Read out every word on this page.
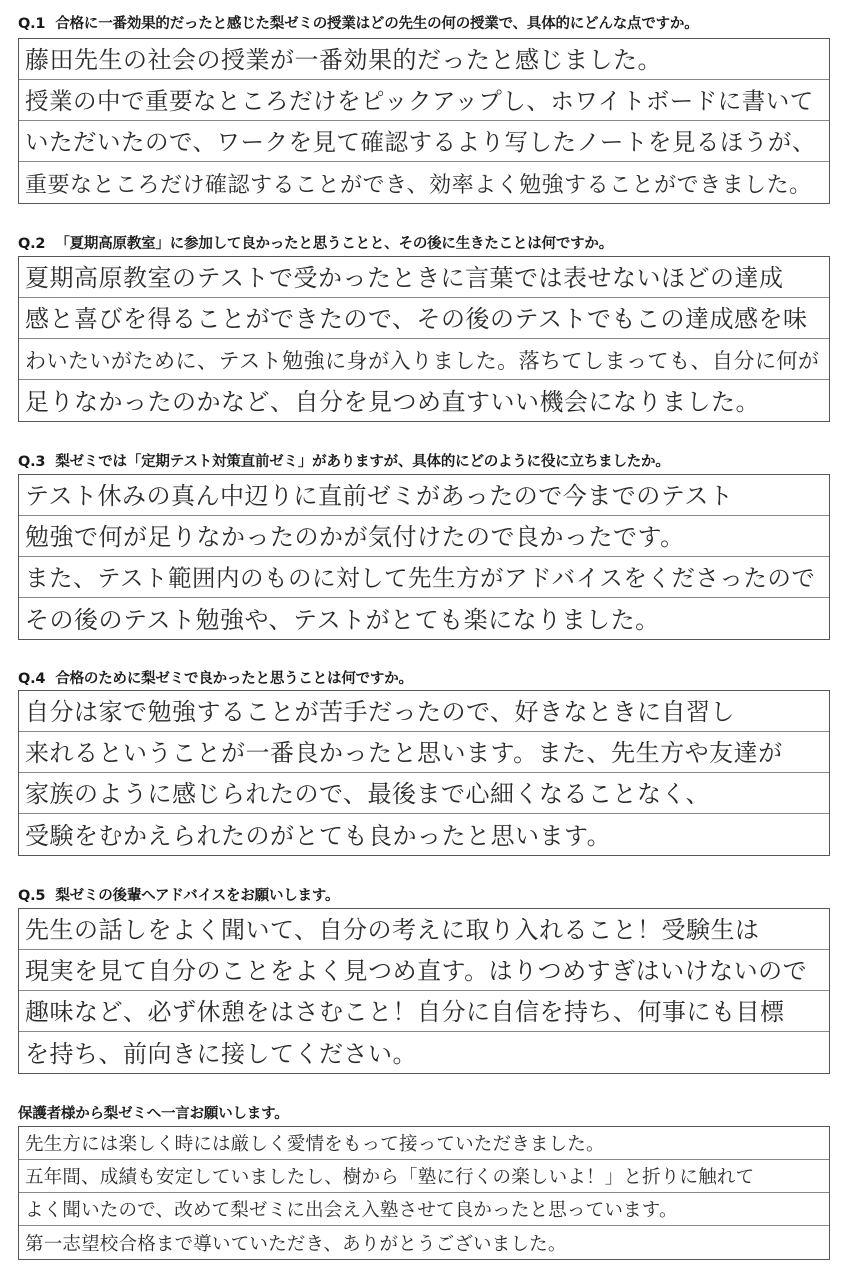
Q.1 合格に一番効果的だったと感じた梨ゼミの授業はどの先生の何の授業で、具体的にどんな点ですか。
藤田先生の社会の授業が一番効果的だったと感じました。
授業の中で重要なところだけをピックアップし、ホワイトボードに書いて
いただいたので、ワークを見て確認するより写したノートを見るほうが、
重要なところだけ確認することができ、効率よく勉強することができました。
Q.2 「夏期高原教室」に参加して良かったと思うことと、その後に生きたことは何ですか。
夏期高原教室のテストで受かったときに言葉では表せないほどの達成
感と喜びを得ることができたので、その後のテストでもこの達成感を味
わいたいがために、テスト勉強に身が入りました。落ちてしまっても、自分に何が
足りなかったのかなど、自分を見つめ直すいい機会になりました。
Q.3 梨ゼミでは「定期テスト対策直前ゼミ」がありますが、具体的にどのように役に立ちましたか。
テスト休みの真ん中辺りに直前ゼミがあったので今までのテスト
勉強で何が足りなかったのかが気付けたので良かったです。
また、テスト範囲内のものに対して先生方がアドバイスをくださったので
その後のテスト勉強や、テストがとても楽になりました。
Q.4 合格のために梨ゼミで良かったと思うことは何ですか。
自分は家で勉強することが苦手だったので、好きなときに自習し
来れるということが一番良かったと思います。また、先生方や友達が
家族のように感じられたので、最後まで心細くなることなく、
受験をむかえられたのがとても良かったと思います。
Q.5 梨ゼミの後輩へアドバイスをお願いします。
先生の話しをよく聞いて、自分の考えに取り入れること！受験生は
現実を見て自分のことをよく見つめ直す。はりつめすぎはいけないので
趣味など、必ず休憩をはさむこと！自分に自信を持ち、何事にも目標
を持ち、前向きに接してください。
保護者様から梨ゼミへ一言お願いします。
先生方には楽しく時には厳しく愛情をもって接っていただきました。
五年間、成績も安定していましたし、樹から「塾に行くの楽しいよ！」と折りに触れて
よく聞いたので、改めて梨ゼミに出会え入塾させて良かったと思っています。
第一志望校合格まで導いていただき、ありがとうございました。
